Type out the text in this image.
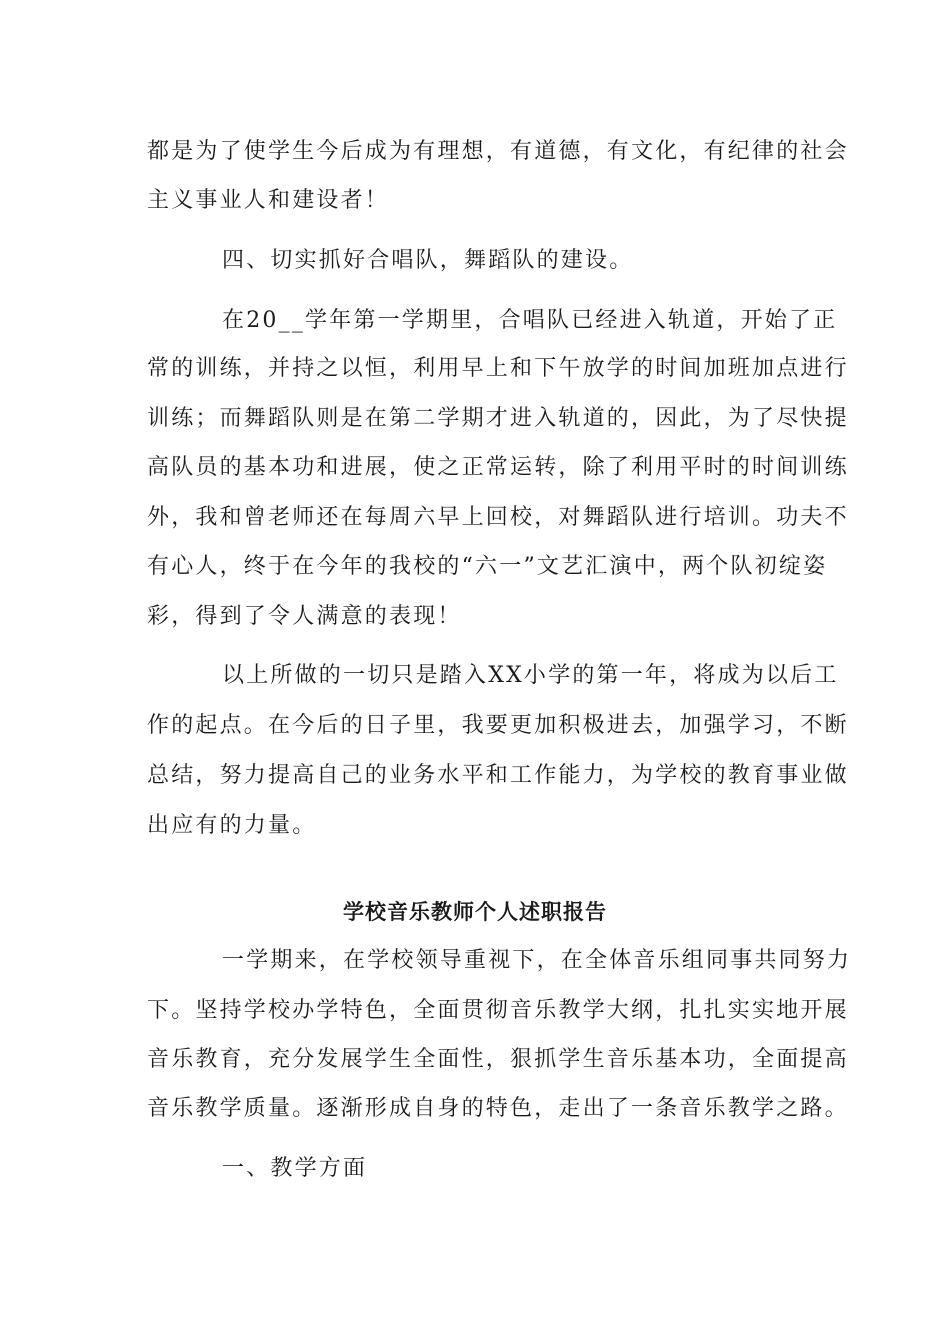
都是为了使学生今后成为有理想，有道德，有文化，有纪律的社会
主义事业人和建设者！
四、切实抓好合唱队，舞蹈队的建设。
在20__学年第一学期里，合唱队已经进入轨道，开始了正
常的训练，并持之以恒，利用早上和下午放学的时间加班加点进行
训练；而舞蹈队则是在第二学期才进入轨道的，因此，为了尽快提
高队员的基本功和进展，使之正常运转，除了利用平时的时间训练
外，我和曾老师还在每周六早上回校，对舞蹈队进行培训。功夫不
有心人，终于在今年的我校的“六一”文艺汇演中，两个队初绽姿
彩，得到了令人满意的表现！
以上所做的一切只是踏入XX小学的第一年，将成为以后工
作的起点。在今后的日子里，我要更加积极进去，加强学习，不断
总结，努力提高自己的业务水平和工作能力，为学校的教育事业做
出应有的力量。
学校音乐教师个人述职报告
一学期来，在学校领导重视下，在全体音乐组同事共同努力
下。坚持学校办学特色，全面贯彻音乐教学大纲，扎扎实实地开展
音乐教育，充分发展学生全面性，狠抓学生音乐基本功，全面提高
音乐教学质量。逐渐形成自身的特色，走出了一条音乐教学之路。
一、教学方面
